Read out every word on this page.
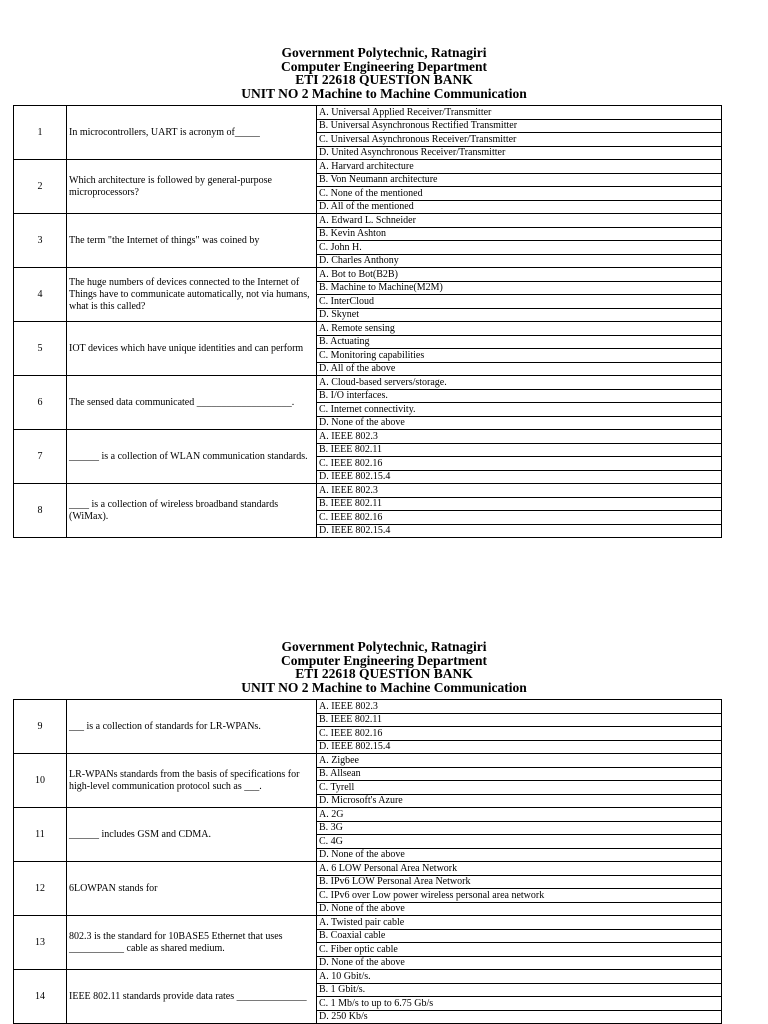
Government Polytechnic, Ratnagiri
Computer Engineering Department
ETI 22618 QUESTION BANK
UNIT NO 2 Machine to Machine Communication
1	In microcontrollers, UART is acronym of_____	A. Universal Applied Receiver/Transmitter
		B. Universal Asynchronous Rectified Transmitter
		C. Universal Asynchronous Receiver/Transmitter
		D. United Asynchronous Receiver/Transmitter
2	Which architecture is followed by general-purpose microprocessors?	A. Harvard architecture
		B. Von Neumann architecture
		C. None of the mentioned
		D. All of the mentioned
3	The term "the Internet of things" was coined by	A. Edward L. Schneider
		B. Kevin Ashton
		C. John H.
		D. Charles Anthony
4	The huge numbers of devices connected to the Internet of Things have to communicate automatically, not via humans, what is this called?	A. Bot to Bot(B2B)
		B. Machine to Machine(M2M)
		C. InterCloud
		D. Skynet
5	IOT devices which have unique identities and can perform	A. Remote sensing
		B. Actuating
		C. Monitoring capabilities
		D. All of the above
6	The sensed data communicated ___________________.	A. Cloud-based servers/storage.
		B. I/O interfaces.
		C. Internet connectivity.
		D. None of the above
7	______ is a collection of WLAN communication standards.	A. IEEE 802.3
		B. IEEE 802.11
		C. IEEE 802.16
		D. IEEE 802.15.4
8	____ is a collection of wireless broadband standards (WiMax).	A. IEEE 802.3
		B. IEEE 802.11
		C. IEEE 802.16
		D. IEEE 802.15.4
Government Polytechnic, Ratnagiri
Computer Engineering Department
ETI 22618 QUESTION BANK
UNIT NO 2 Machine to Machine Communication
9	___ is a collection of standards for LR-WPANs.	A. IEEE 802.3
		B. IEEE 802.11
		C. IEEE 802.16
		D. IEEE 802.15.4
10	LR-WPANs standards from the basis of specifications for high-level communication protocol such as ___.	A. Zigbee
		B. Allsean
		C. Tyrell
		D. Microsoft's Azure
11	______ includes GSM and CDMA.	A. 2G
		B. 3G
		C. 4G
		D. None of the above
12	6LOWPAN stands for	A. 6 LOW Personal Area Network
		B. IPv6 LOW Personal Area Network
		C. IPv6 over Low power wireless personal area network
		D. None of the above
13	802.3 is the standard for 10BASE5 Ethernet that uses ___________ cable as shared medium.	A. Twisted pair cable
		B. Coaxial cable
		C. Fiber optic cable
		D. None of the above
14	IEEE 802.11 standards provide data rates ______________	A. 10 Gbit/s.
		B. 1 Gbit/s.
		C. 1 Mb/s to up to 6.75 Gb/s
		D. 250 Kb/s
